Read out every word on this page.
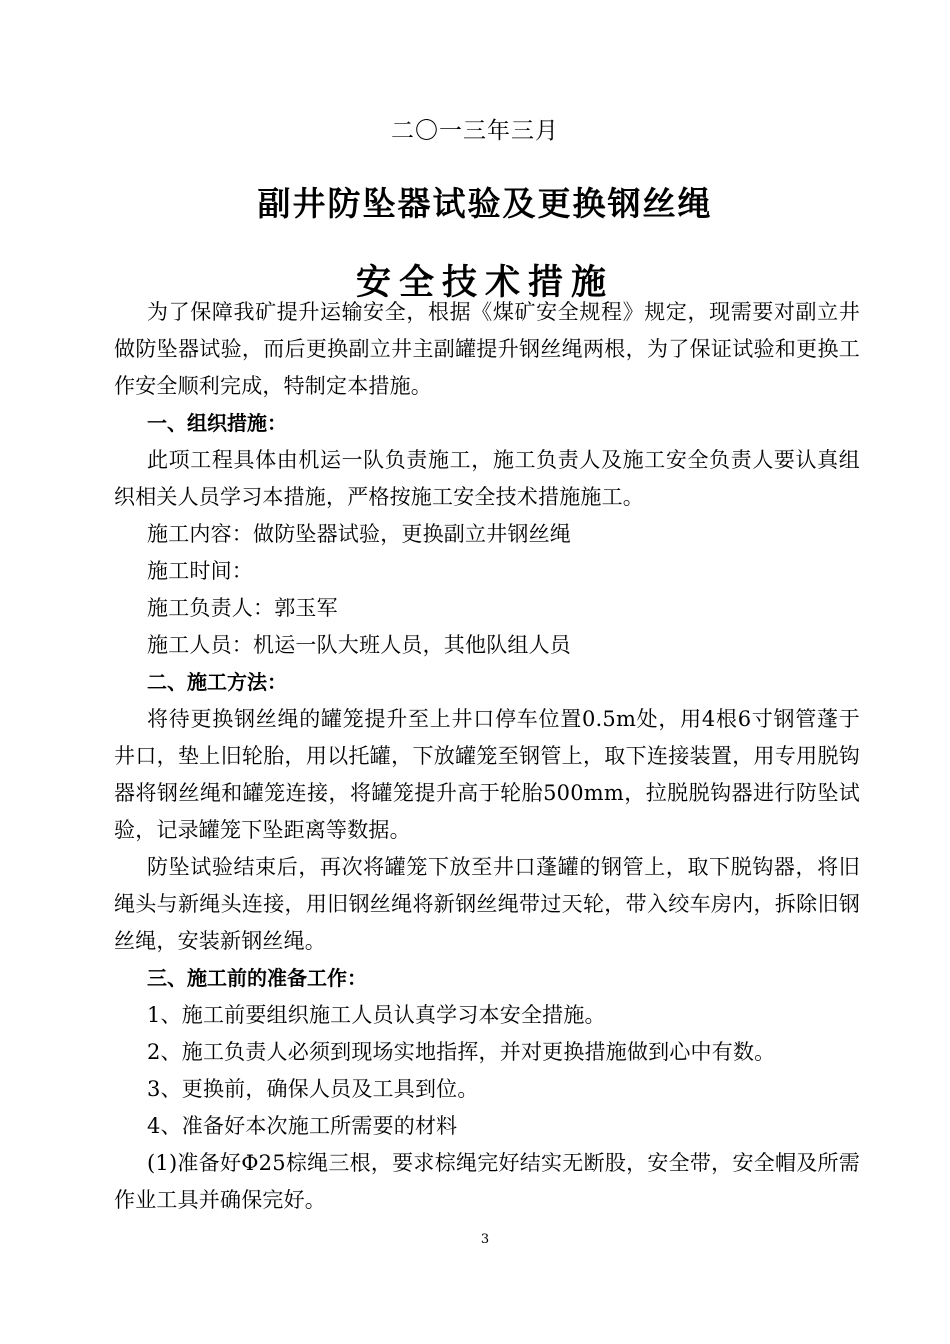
二〇一三年三月
副井防坠器试验及更换钢丝绳
安全技术措施

为了保障我矿提升运输安全，根据《煤矿安全规程》规定，现需要对副立井做防坠器试验，而后更换副立井主副罐提升钢丝绳两根，为了保证试验和更换工作安全顺利完成，特制定本措施。

一、组织措施：

此项工程具体由机运一队负责施工，施工负责人及施工安全负责人要认真组织相关人员学习本措施，严格按施工安全技术措施施工。

施工内容：做防坠器试验，更换副立井钢丝绳

施工时间：

施工负责人：郭玉军

施工人员：机运一队大班人员，其他队组人员

二、施工方法：

将待更换钢丝绳的罐笼提升至上井口停车位置0.5m处，用4根6寸钢管蓬于井口，垫上旧轮胎，用以托罐，下放罐笼至钢管上，取下连接装置，用专用脱钩器将钢丝绳和罐笼连接，将罐笼提升高于轮胎500mm，拉脱脱钩器进行防坠试验，记录罐笼下坠距离等数据。

防坠试验结束后，再次将罐笼下放至井口蓬罐的钢管上，取下脱钩器，将旧绳头与新绳头连接，用旧钢丝绳将新钢丝绳带过天轮，带入绞车房内，拆除旧钢丝绳，安装新钢丝绳。

三、施工前的准备工作：

1、施工前要组织施工人员认真学习本安全措施。

2、施工负责人必须到现场实地指挥，并对更换措施做到心中有数。

3、更换前，确保人员及工具到位。

4、准备好本次施工所需要的材料

(1)准备好Φ25棕绳三根，要求棕绳完好结实无断股，安全带，安全帽及所需作业工具并确保完好。

3
